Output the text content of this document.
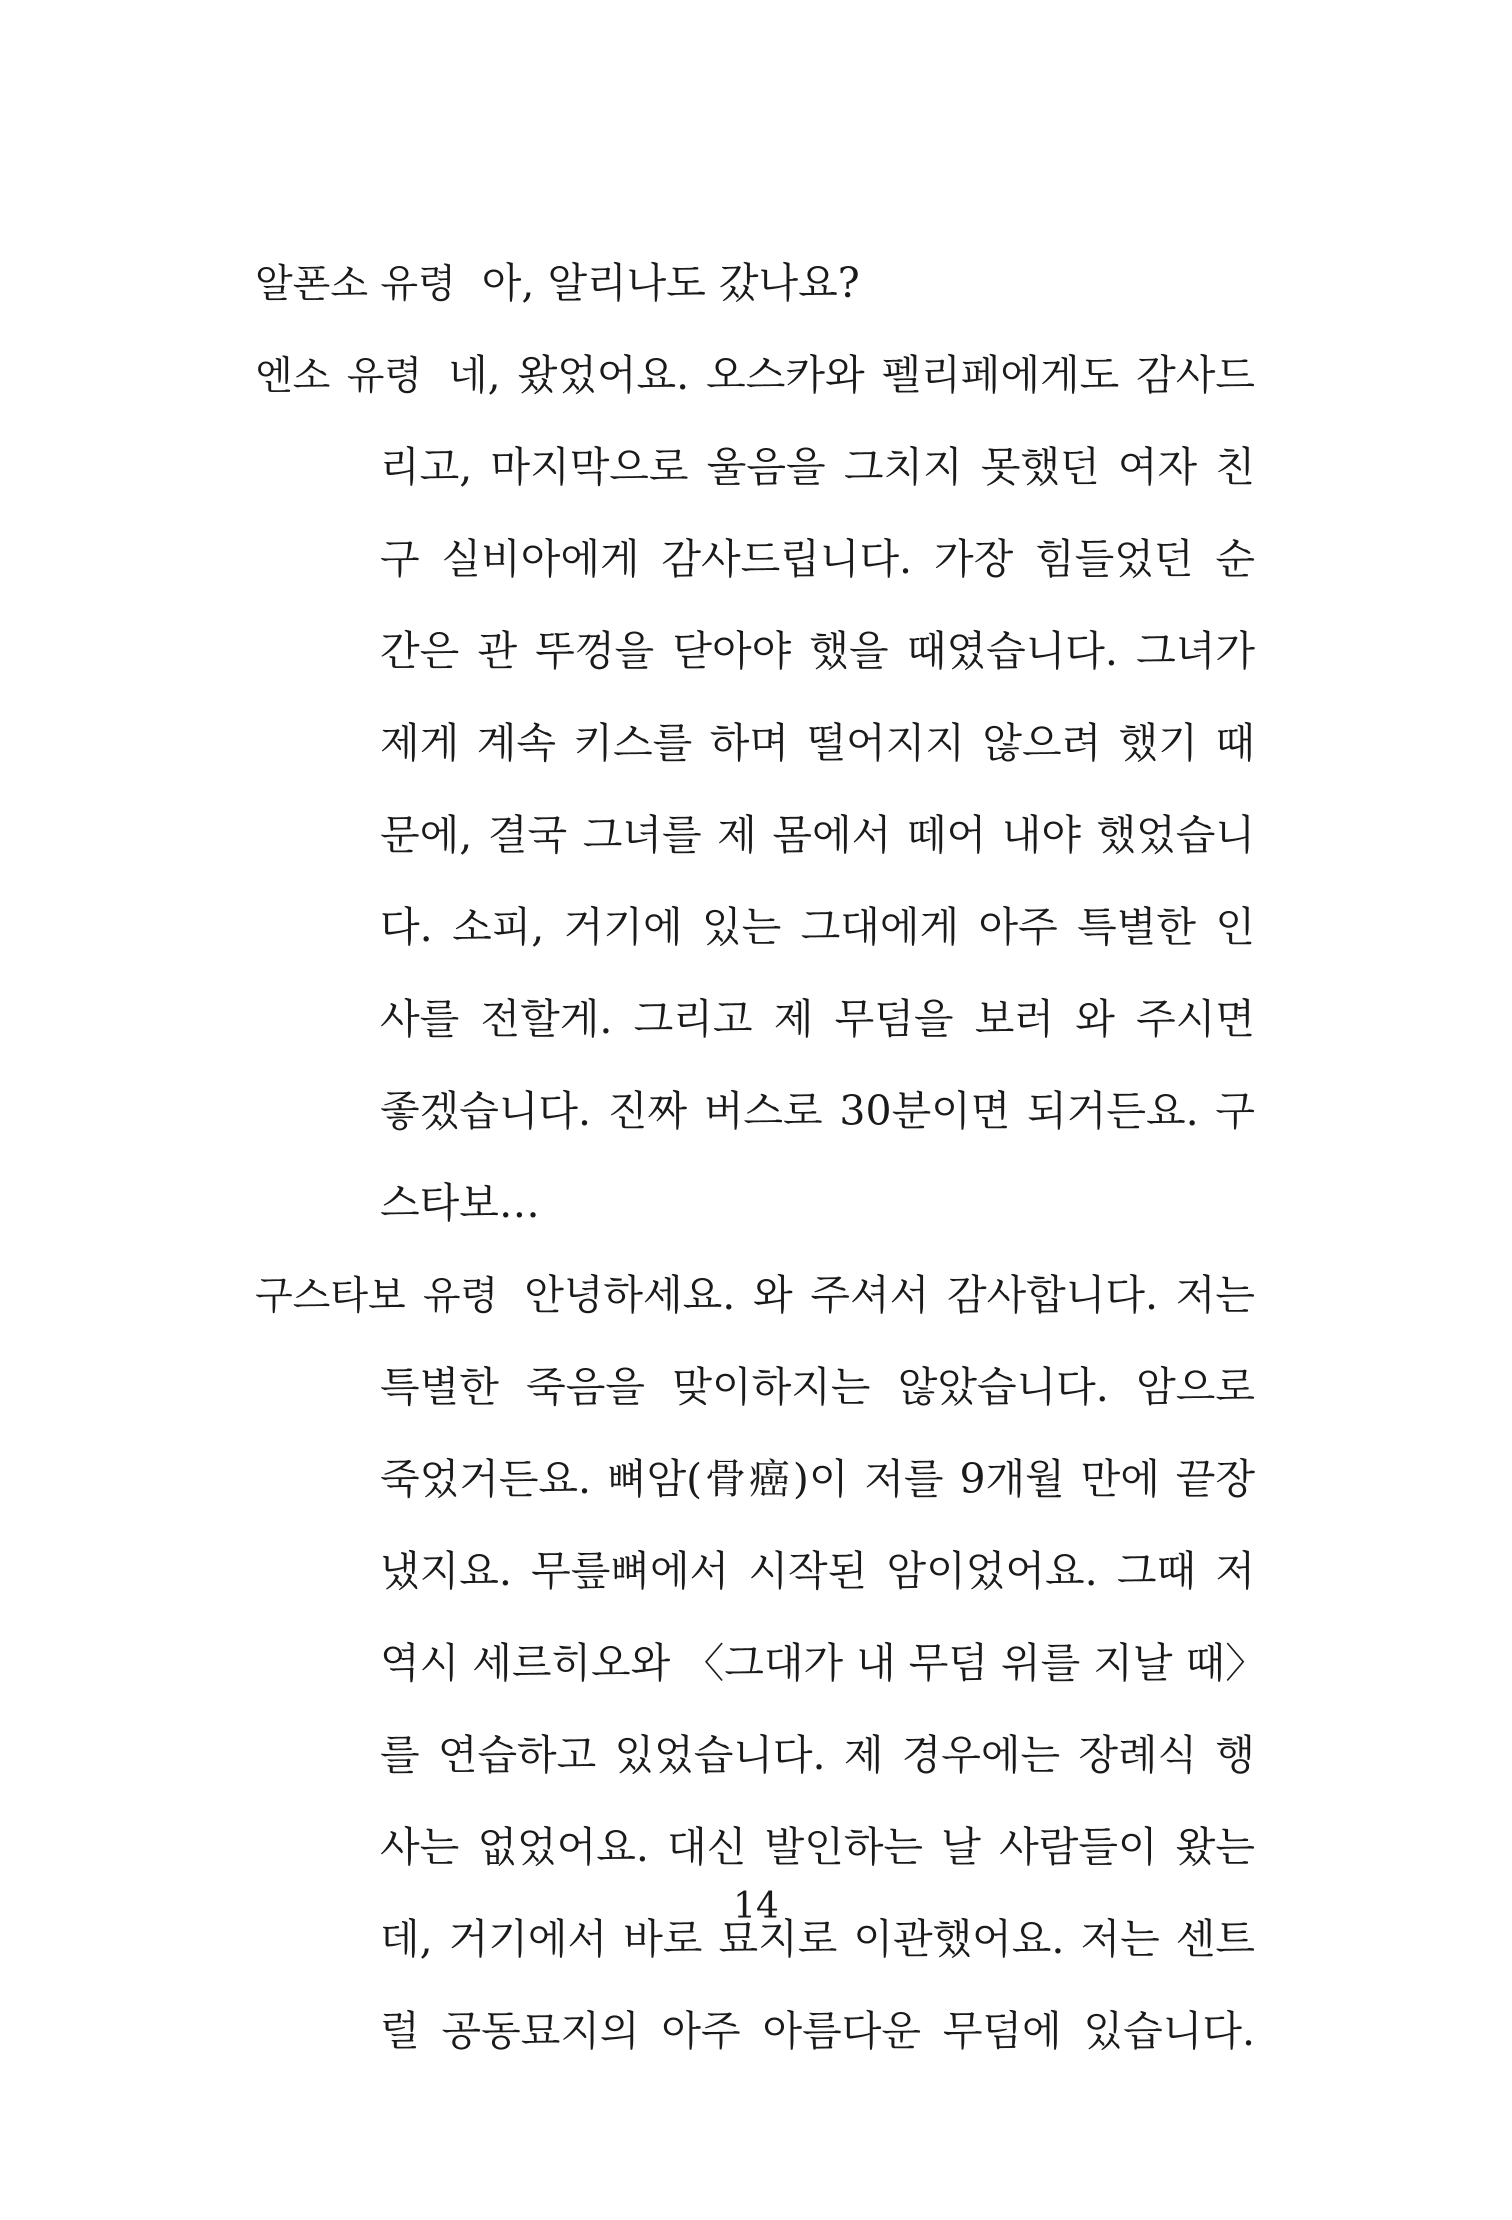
알폰소 유령 아, 알리나도 갔나요?
엔소 유령 네, 왔었어요. 오스카와 펠리페에게도 감사드
리고, 마지막으로 울음을 그치지 못했던 여자 친
구 실비아에게 감사드립니다. 가장 힘들었던 순
간은 관 뚜껑을 닫아야 했을 때였습니다. 그녀가
제게 계속 키스를 하며 떨어지지 않으려 했기 때
문에, 결국 그녀를 제 몸에서 떼어 내야 했었습니
다. 소피, 거기에 있는 그대에게 아주 특별한 인
사를 전할게. 그리고 제 무덤을 보러 와 주시면
좋겠습니다. 진짜 버스로 30분이면 되거든요. 구
스타보…
구스타보 유령 안녕하세요. 와 주셔서 감사합니다. 저는
특별한 죽음을 맞이하지는 않았습니다. 암으로
죽었거든요. 뼈암(骨癌)이 저를 9개월 만에 끝장
냈지요. 무릎뼈에서 시작된 암이었어요. 그때 저
역시 세르히오와 〈그대가 내 무덤 위를 지날 때〉
를 연습하고 있었습니다. 제 경우에는 장례식 행
사는 없었어요. 대신 발인하는 날 사람들이 왔는
데, 거기에서 바로 묘지로 이관했어요. 저는 센트
럴 공동묘지의 아주 아름다운 무덤에 있습니다.
14
